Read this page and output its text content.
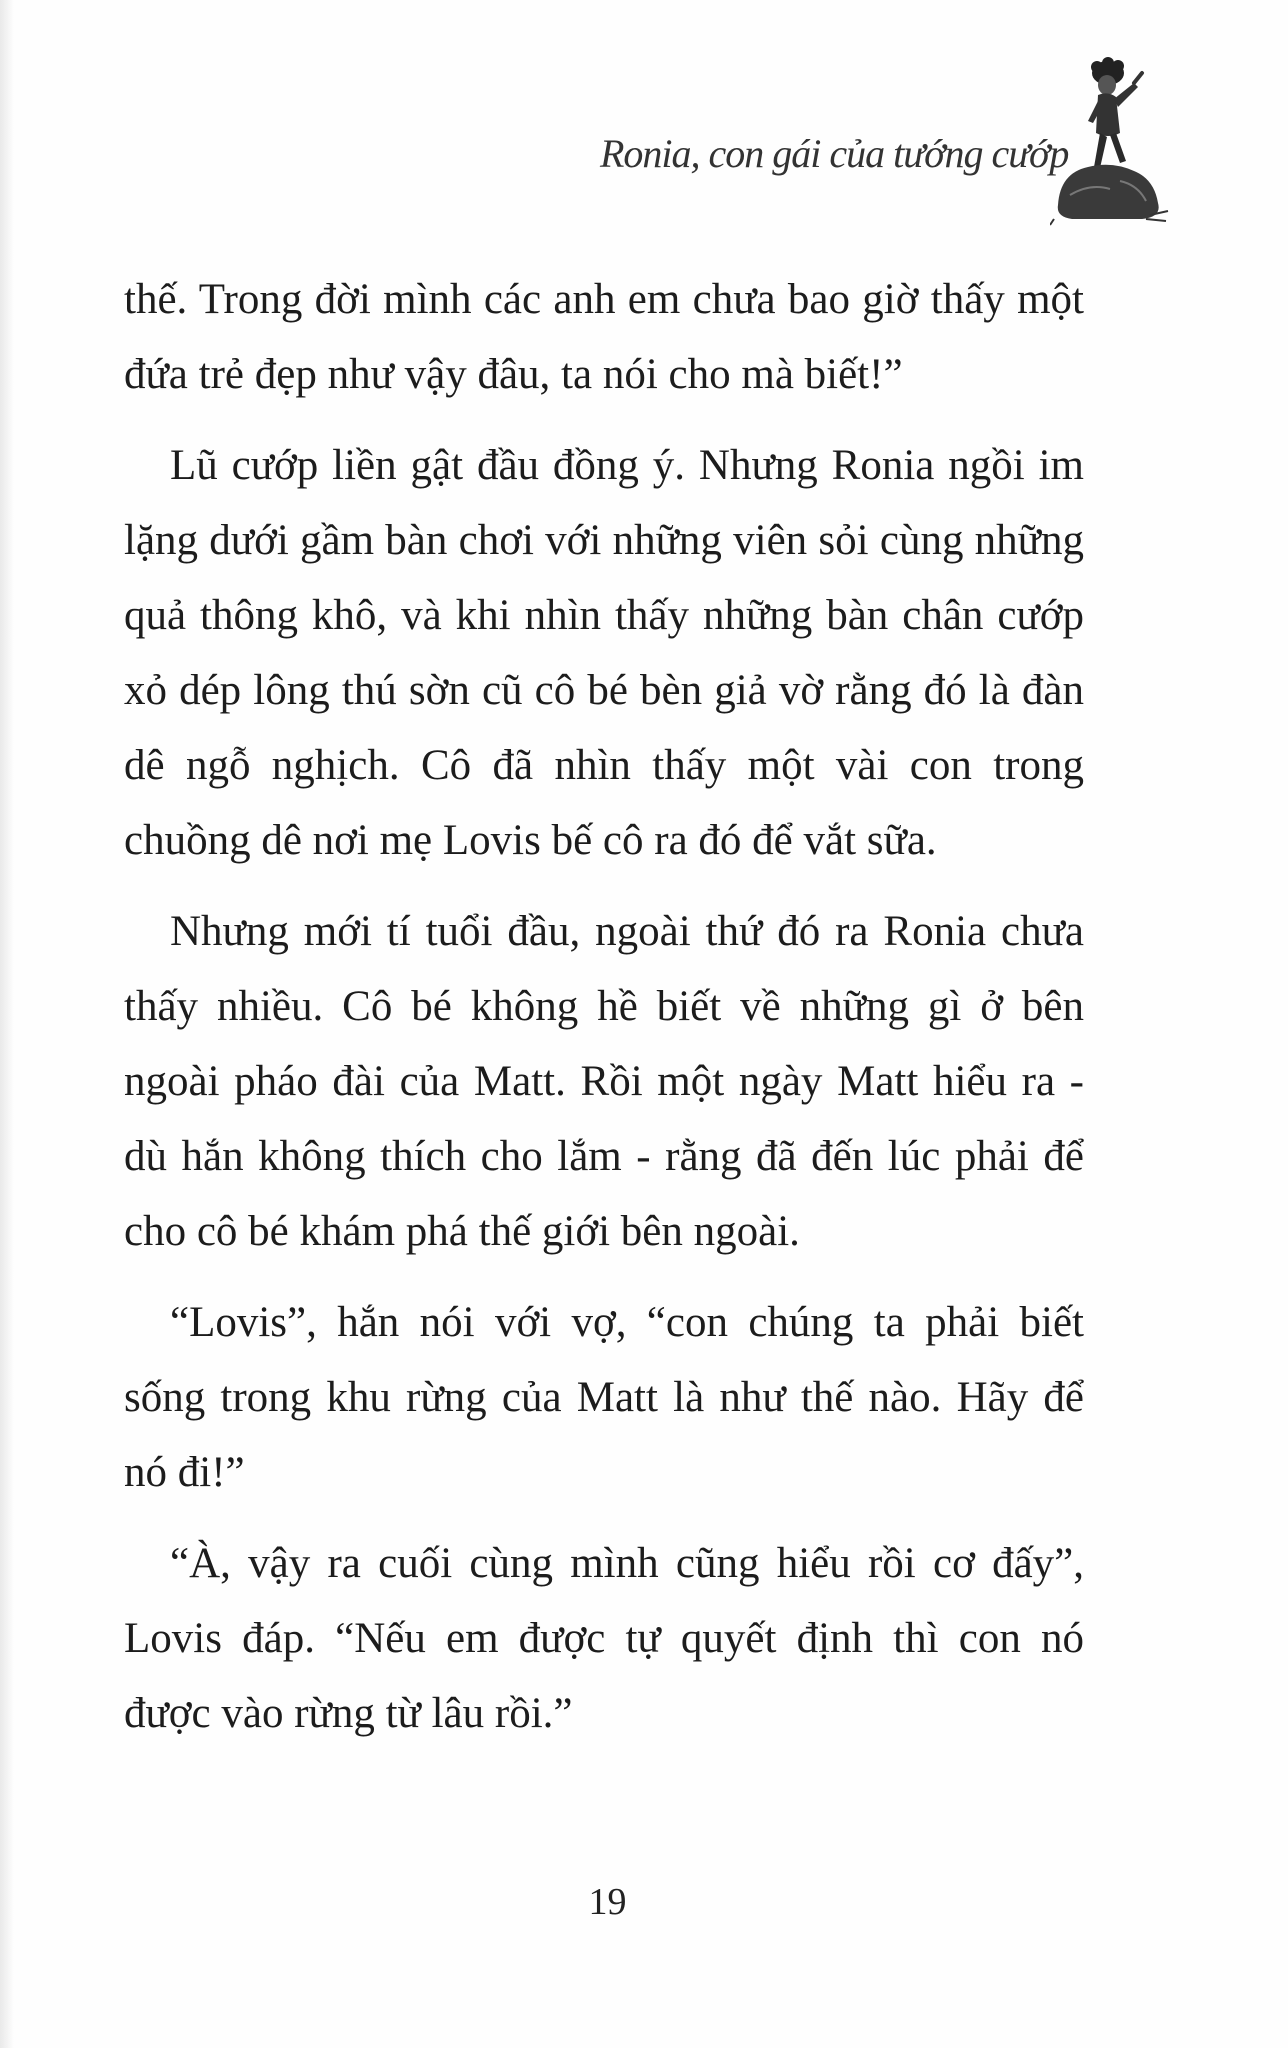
Ronia, con gái của tướng cướp

thế. Trong đời mình các anh em chưa bao giờ thấy một đứa trẻ đẹp như vậy đâu, ta nói cho mà biết!”

Lũ cướp liền gật đầu đồng ý. Nhưng Ronia ngồi im lặng dưới gầm bàn chơi với những viên sỏi cùng những quả thông khô, và khi nhìn thấy những bàn chân cướp xỏ dép lông thú sờn cũ cô bé bèn giả vờ rằng đó là đàn dê ngỗ nghịch. Cô đã nhìn thấy một vài con trong chuồng dê nơi mẹ Lovis bế cô ra đó để vắt sữa.

Nhưng mới tí tuổi đầu, ngoài thứ đó ra Ronia chưa thấy nhiều. Cô bé không hề biết về những gì ở bên ngoài pháo đài của Matt. Rồi một ngày Matt hiểu ra - dù hắn không thích cho lắm - rằng đã đến lúc phải để cho cô bé khám phá thế giới bên ngoài.

“Lovis”, hắn nói với vợ, “con chúng ta phải biết sống trong khu rừng của Matt là như thế nào. Hãy để nó đi!”

“À, vậy ra cuối cùng mình cũng hiểu rồi cơ đấy”, Lovis đáp. “Nếu em được tự quyết định thì con nó được vào rừng từ lâu rồi.”

19
